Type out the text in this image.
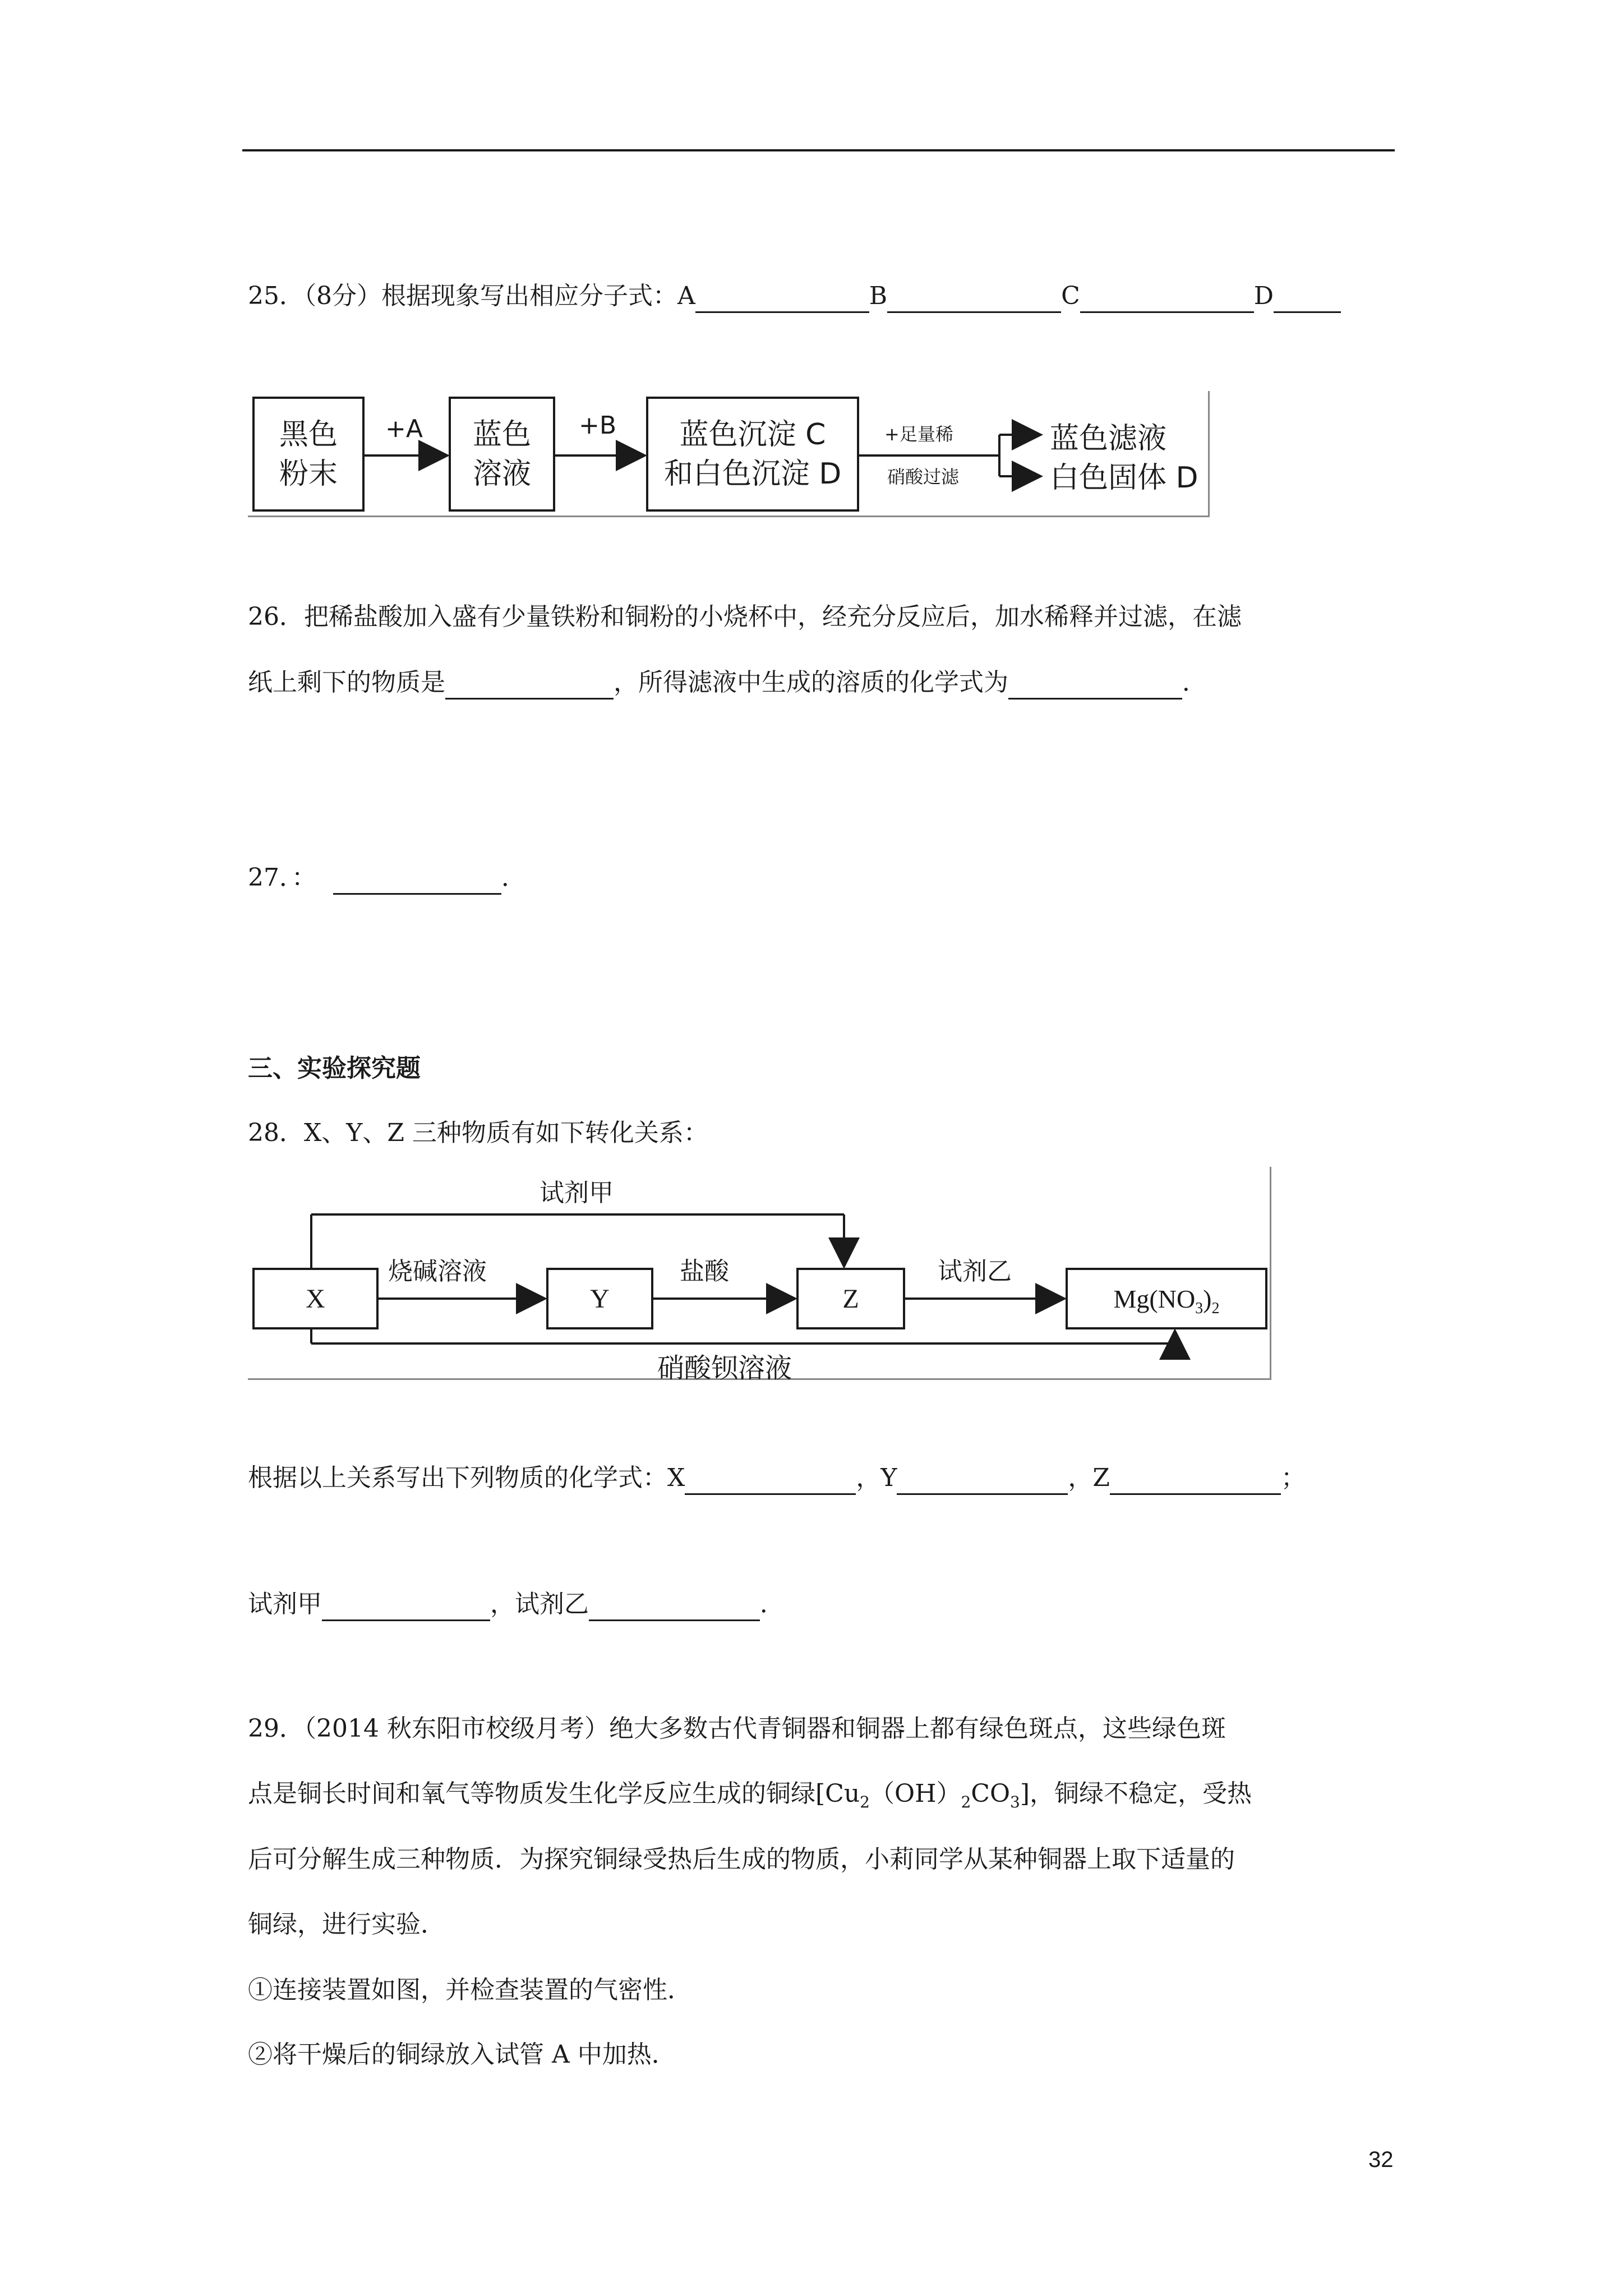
25．（8分）根据现象写出相应分子式：A	B	C	D
黑色
粉末
蓝色
溶液
蓝色沉淀 C
和白色沉淀 D
+A	+B	+足量稀
硝酸过滤
蓝色滤液
白色固体 D
26．把稀盐酸加入盛有少量铁粉和铜粉的小烧杯中，经充分反应后，加水稀释并过滤，在滤
纸上剩下的物质是	，所得滤液中生成的溶质的化学式为	．
27．：	．
三、实验探究题
28．X、Y、Z 三种物质有如下转化关系：
X	Y	Z	$Mg(NO_3)_2$
试剂甲
烧碱溶液	盐酸	试剂乙
硝酸钡溶液
根据以上关系写出下列物质的化学式：X	，Y	，Z	；
试剂甲	，试剂乙	．
29．（2014 秋东阳市校级月考）绝大多数古代青铜器和铜器上都有绿色斑点，这些绿色斑
点是铜长时间和氧气等物质发生化学反应生成的铜绿$[Cu_2(OH)_2CO_3]$，铜绿不稳定，受热
后可分解生成三种物质．为探究铜绿受热后生成的物质，小莉同学从某种铜器上取下适量的
铜绿，进行实验．
①连接装置如图，并检查装置的气密性．
②将干燥后的铜绿放入试管 A 中加热．
32
